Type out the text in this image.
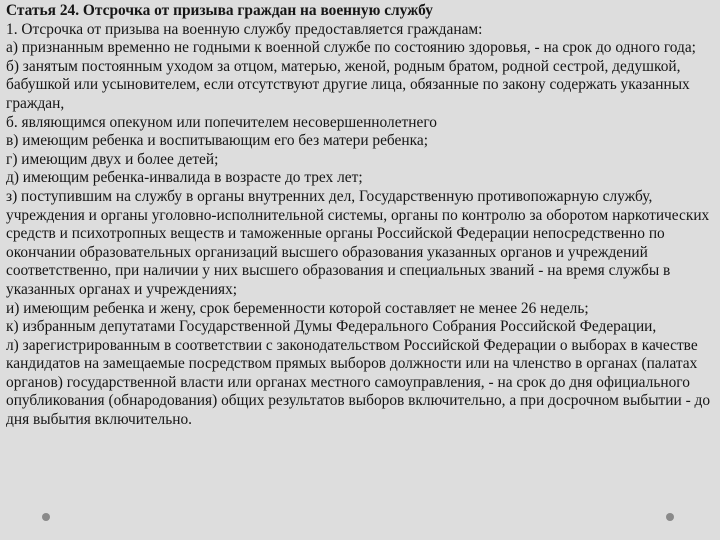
Статья 24. Отсрочка от призыва граждан на военную службу

1. Отсрочка от призыва на военную службу предоставляется гражданам:

а) признанным временно не годными к военной службе по состоянию здоровья, - на срок до одного года;

б) занятым постоянным уходом за отцом, матерью, женой, родным братом, родной сестрой, дедушкой, бабушкой или усыновителем, если отсутствуют другие лица, обязанные по закону содержать указанных граждан,

б. являющимся опекуном или попечителем несовершеннолетнего

в) имеющим ребенка и воспитывающим его без матери ребенка;

г) имеющим двух и более детей;

д) имеющим ребенка-инвалида в возрасте до трех лет;

з) поступившим на службу в органы внутренних дел, Государственную противопожарную службу, учреждения и органы уголовно-исполнительной системы, органы по контролю за оборотом наркотических средств и психотропных веществ и таможенные органы Российской Федерации непосредственно по окончании образовательных организаций высшего образования указанных органов и учреждений соответственно, при наличии у них высшего образования и специальных званий - на время службы в указанных органах и учреждениях;

и) имеющим ребенка и жену, срок беременности которой составляет не менее 26 недель;

к) избранным депутатами Государственной Думы Федерального Собрания Российской Федерации,

л) зарегистрированным в соответствии с законодательством Российской Федерации о выборах в качестве кандидатов на замещаемые посредством прямых выборов должности или на членство в органах (палатах органов) государственной власти или органах местного самоуправления, - на срок до дня официального опубликования (обнародования) общих результатов выборов включительно, а при досрочном выбытии - до дня выбытия включительно.
